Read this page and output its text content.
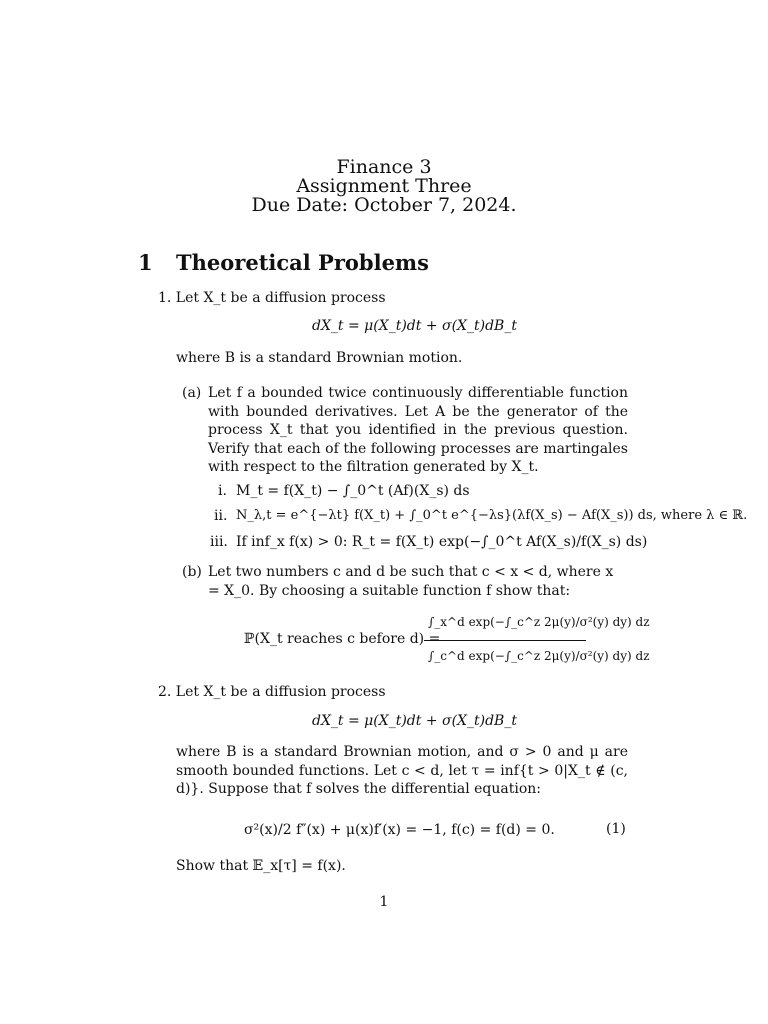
Finance 3
Assignment Three
Due Date: October 7, 2024.
1 Theoretical Problems
1. Let X_t be a diffusion process
dX_t = μ(X_t)dt + σ(X_t)dB_t
where B is a standard Brownian motion.
(a) Let f a bounded twice continuously differentiable function with bounded derivatives. Let A be the generator of the process X_t that you identified in the previous question. Verify that each of the following processes are martingales with respect to the filtration generated by X_t.
i. M_t = f(X_t) − ∫_0^t (Af)(X_s) ds
ii. N_λ,t = e^{−λt} f(X_t) + ∫_0^t e^{−λs}(λf(X_s) − Af(X_s)) ds, where λ ∈ ℝ.
iii. If inf_x f(x) > 0: R_t = f(X_t) exp(−∫_0^t Af(X_s)/f(X_s) ds)
(b) Let two numbers c and d be such that c < x < d, where x = X_0. By choosing a suitable function f show that:
ℙ(X_t reaches c before d) =
∫_x^d exp(−∫_c^z 2μ(y)/σ²(y) dy) dz
∫_c^d exp(−∫_c^z 2μ(y)/σ²(y) dy) dz
2. Let X_t be a diffusion process
dX_t = μ(X_t)dt + σ(X_t)dB_t
where B is a standard Brownian motion, and σ > 0 and μ are smooth bounded functions. Let c < d, let τ = inf{t > 0|X_t ∉ (c, d)}. Suppose that f solves the differential equation:
σ²(x)/2 f″(x) + μ(x)f′(x) = −1, f(c) = f(d) = 0.	(1)
Show that 𝔼_x[τ] = f(x).
1
